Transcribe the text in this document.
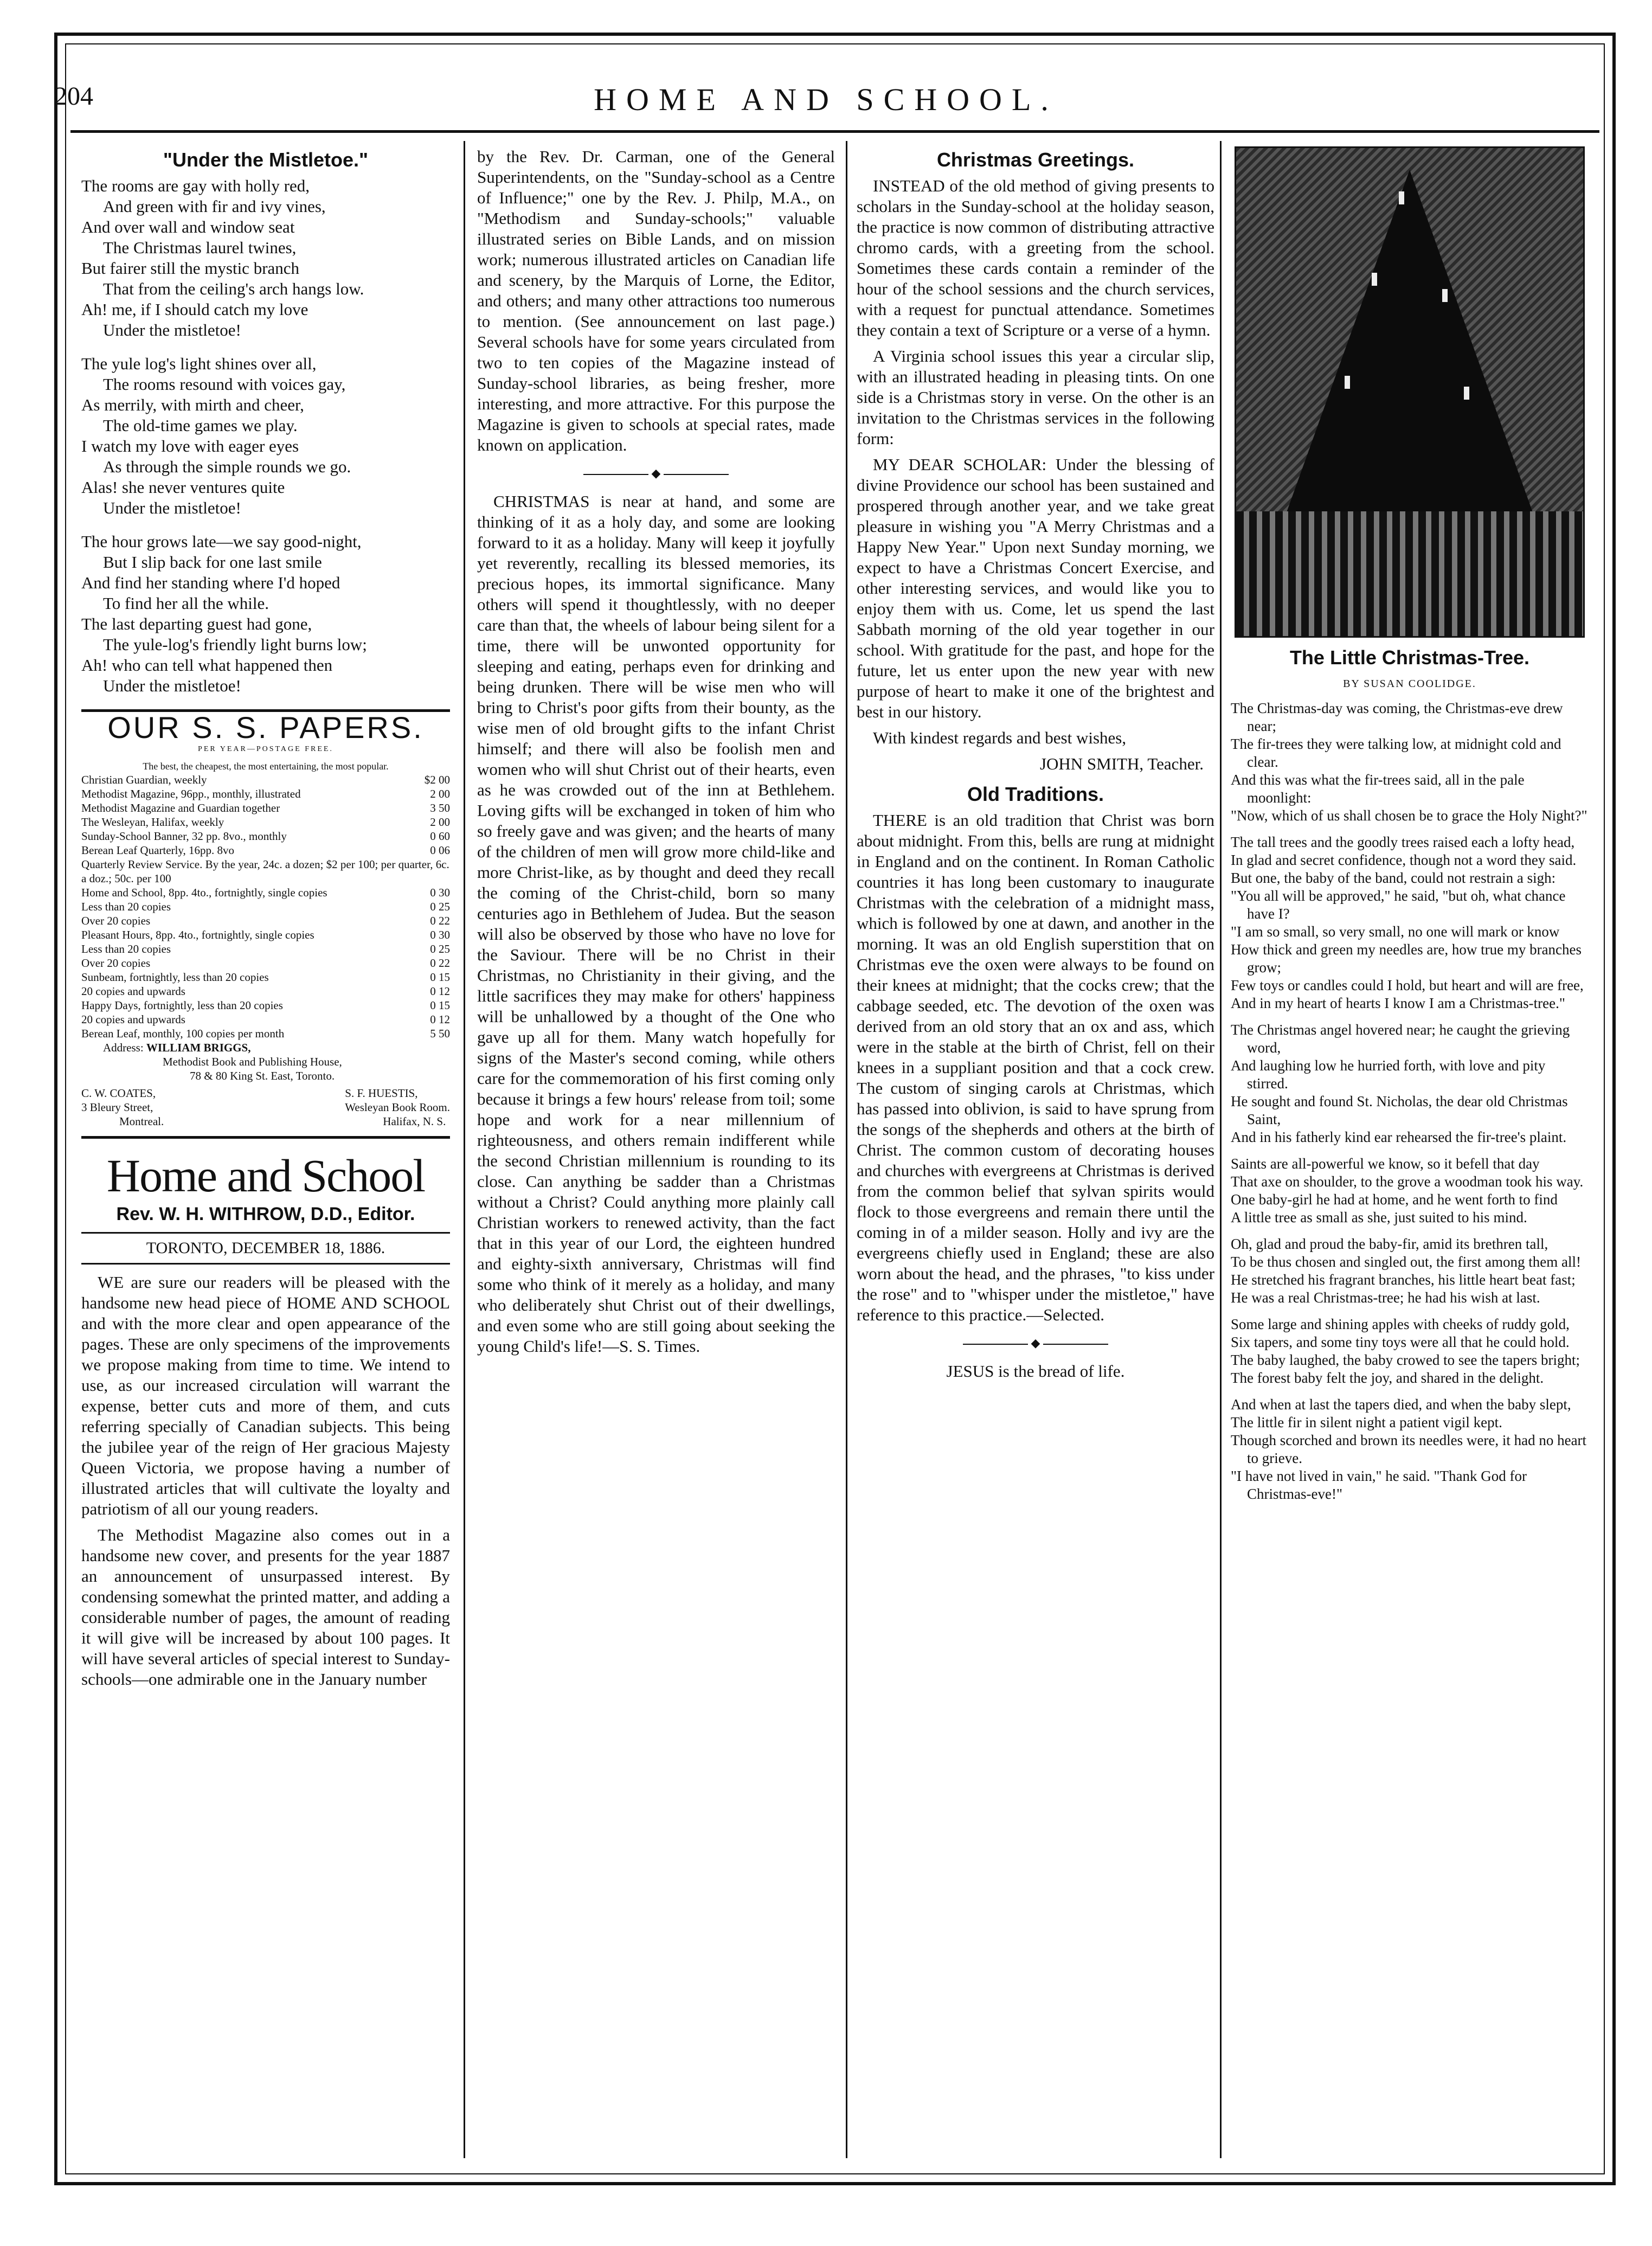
204	HOME AND SCHOOL.
"Under the Mistletoe."

The rooms are gay with holly red,

And green with fir and ivy vines,

And over wall and window seat

The Christmas laurel twines,

But fairer still the mystic branch

That from the ceiling's arch hangs low.

Ah! me, if I should catch my love

Under the mistletoe!

The yule log's light shines over all,

The rooms resound with voices gay,

As merrily, with mirth and cheer,

The old-time games we play.

I watch my love with eager eyes

As through the simple rounds we go.

Alas! she never ventures quite

Under the mistletoe!

The hour grows late—we say good-night,

But I slip back for one last smile

And find her standing where I'd hoped

To find her all the while.

The last departing guest had gone,

The yule-log's friendly light burns low;

Ah! who can tell what happened then

Under the mistletoe!

OUR S. S. PAPERS.
PER YEAR—POSTAGE FREE.
The best, the cheapest, the most entertaining, the most popular.
Christian Guardian, weekly	$2 00
Methodist Magazine, 96pp., monthly, illustrated	2 00
Methodist Magazine and Guardian together	3 50
The Wesleyan, Halifax, weekly	2 00
Sunday-School Banner, 32 pp. 8vo., monthly	0 60
Berean Leaf Quarterly, 16pp. 8vo	0 06
Quarterly Review Service. By the year, 24c. a dozen; $2 per 100; per quarter, 6c. a doz.; 50c. per 100
Home and School, 8pp. 4to., fortnightly, single copies	0 30
Less than 20 copies	0 25
Over 20 copies	0 22
Pleasant Hours, 8pp. 4to., fortnightly, single copies	0 30
Less than 20 copies	0 25
Over 20 copies	0 22
Sunbeam, fortnightly, less than 20 copies	0 15
20 copies and upwards	0 12
Happy Days, fortnightly, less than 20 copies	0 15
20 copies and upwards	0 12
Berean Leaf, monthly, 100 copies per month	5 50
Address: WILLIAM BRIGGS,
Methodist Book and Publishing House,
78 & 80 King St. East, Toronto.
C. W. COATES,
3 Bleury Street,
Montreal.
S. F. HUESTIS,
Wesleyan Book Room.
Halifax, N. S.
Home and School
Rev. W. H. WITHROW, D.D., Editor.
TORONTO, DECEMBER 18, 1886.

WE are sure our readers will be pleased with the handsome new head piece of HOME AND SCHOOL and with the more clear and open appearance of the pages. These are only specimens of the improvements we propose making from time to time. We intend to use, as our increased circulation will warrant the expense, better cuts and more of them, and cuts referring specially of Canadian subjects. This being the jubilee year of the reign of Her gracious Majesty Queen Victoria, we propose having a number of illustrated articles that will cultivate the loyalty and patriotism of all our young readers.

The Methodist Magazine also comes out in a handsome new cover, and presents for the year 1887 an announcement of unsurpassed interest. By condensing somewhat the printed matter, and adding a considerable number of pages, the amount of reading it will give will be increased by about 100 pages. It will have several articles of special interest to Sunday-schools—one admirable one in the January number

by the Rev. Dr. Carman, one of the General Superintendents, on the "Sunday-school as a Centre of Influence;" one by the Rev. J. Philp, M.A., on "Methodism and Sunday-schools;" valuable illustrated series on Bible Lands, and on mission work; numerous illustrated articles on Canadian life and scenery, by the Marquis of Lorne, the Editor, and others; and many other attractions too numerous to mention. (See announcement on last page.) Several schools have for some years circulated from two to ten copies of the Magazine instead of Sunday-school libraries, as being fresher, more interesting, and more attractive. For this purpose the Magazine is given to schools at special rates, made known on application.

◆

CHRISTMAS is near at hand, and some are thinking of it as a holy day, and some are looking forward to it as a holiday. Many will keep it joyfully yet reverently, recalling its blessed memories, its precious hopes, its immortal significance. Many others will spend it thoughtlessly, with no deeper care than that, the wheels of labour being silent for a time, there will be unwonted opportunity for sleeping and eating, perhaps even for drinking and being drunken. There will be wise men who will bring to Christ's poor gifts from their bounty, as the wise men of old brought gifts to the infant Christ himself; and there will also be foolish men and women who will shut Christ out of their hearts, even as he was crowded out of the inn at Bethlehem. Loving gifts will be exchanged in token of him who so freely gave and was given; and the hearts of many of the children of men will grow more child-like and more Christ-like, as by thought and deed they recall the coming of the Christ-child, born so many centuries ago in Bethlehem of Judea. But the season will also be observed by those who have no love for the Saviour. There will be no Christ in their Christmas, no Christianity in their giving, and the little sacrifices they may make for others' happiness will be unhallowed by a thought of the One who gave up all for them. Many watch hopefully for signs of the Master's second coming, while others care for the commemoration of his first coming only because it brings a few hours' release from toil; some hope and work for a near millennium of righteousness, and others remain indifferent while the second Christian millennium is rounding to its close. Can anything be sadder than a Christmas without a Christ? Could anything more plainly call Christian workers to renewed activity, than the fact that in this year of our Lord, the eighteen hundred and eighty-sixth anniversary, Christmas will find some who think of it merely as a holiday, and many who deliberately shut Christ out of their dwellings, and even some who are still going about seeking the young Child's life!—S. S. Times.

Christmas Greetings.

INSTEAD of the old method of giving presents to scholars in the Sunday-school at the holiday season, the practice is now common of distributing attractive chromo cards, with a greeting from the school. Sometimes these cards contain a reminder of the hour of the school sessions and the church services, with a request for punctual attendance. Sometimes they contain a text of Scripture or a verse of a hymn.

A Virginia school issues this year a circular slip, with an illustrated heading in pleasing tints. On one side is a Christmas story in verse. On the other is an invitation to the Christmas services in the following form:

MY DEAR SCHOLAR: Under the blessing of divine Providence our school has been sustained and prospered through another year, and we take great pleasure in wishing you "A Merry Christmas and a Happy New Year." Upon next Sunday morning, we expect to have a Christmas Concert Exercise, and other interesting services, and would like you to enjoy them with us. Come, let us spend the last Sabbath morning of the old year together in our school. With gratitude for the past, and hope for the future, let us enter upon the new year with new purpose of heart to make it one of the brightest and best in our history.

With kindest regards and best wishes,

JOHN SMITH, Teacher.
Old Traditions.

THERE is an old tradition that Christ was born about midnight. From this, bells are rung at midnight in England and on the continent. In Roman Catholic countries it has long been customary to inaugurate Christmas with the celebration of a midnight mass, which is followed by one at dawn, and another in the morning. It was an old English superstition that on Christmas eve the oxen were always to be found on their knees at midnight; that the cocks crew; that the cabbage seeded, etc. The devotion of the oxen was derived from an old story that an ox and ass, which were in the stable at the birth of Christ, fell on their knees in a suppliant position and that a cock crew. The custom of singing carols at Christmas, which has passed into oblivion, is said to have sprung from the songs of the shepherds and others at the birth of Christ. The common custom of decorating houses and churches with evergreens at Christmas is derived from the common belief that sylvan spirits would flock to those evergreens and remain there until the coming in of a milder season. Holly and ivy are the evergreens chiefly used in England; these are also worn about the head, and the phrases, "to kiss under the rose" and to "whisper under the mistletoe," have reference to this practice.—Selected.

◆
JESUS is the bread of life.
The Little Christmas-Tree.
BY SUSAN COOLIDGE.

The Christmas-day was coming, the Christmas-eve drew near;

The fir-trees they were talking low, at midnight cold and clear.

And this was what the fir-trees said, all in the pale moonlight:

"Now, which of us shall chosen be to grace the Holy Night?"

The tall trees and the goodly trees raised each a lofty head,

In glad and secret confidence, though not a word they said.

But one, the baby of the band, could not restrain a sigh:

"You all will be approved," he said, "but oh, what chance have I?

"I am so small, so very small, no one will mark or know

How thick and green my needles are, how true my branches grow;

Few toys or candles could I hold, but heart and will are free,

And in my heart of hearts I know I am a Christmas-tree."

The Christmas angel hovered near; he caught the grieving word,

And laughing low he hurried forth, with love and pity stirred.

He sought and found St. Nicholas, the dear old Christmas Saint,

And in his fatherly kind ear rehearsed the fir-tree's plaint.

Saints are all-powerful we know, so it befell that day

That axe on shoulder, to the grove a woodman took his way.

One baby-girl he had at home, and he went forth to find

A little tree as small as she, just suited to his mind.

Oh, glad and proud the baby-fir, amid its brethren tall,

To be thus chosen and singled out, the first among them all!

He stretched his fragrant branches, his little heart beat fast;

He was a real Christmas-tree; he had his wish at last.

Some large and shining apples with cheeks of ruddy gold,

Six tapers, and some tiny toys were all that he could hold.

The baby laughed, the baby crowed to see the tapers bright;

The forest baby felt the joy, and shared in the delight.

And when at last the tapers died, and when the baby slept,

The little fir in silent night a patient vigil kept.

Though scorched and brown its needles were, it had no heart to grieve.

"I have not lived in vain," he said. "Thank God for Christmas-eve!"
